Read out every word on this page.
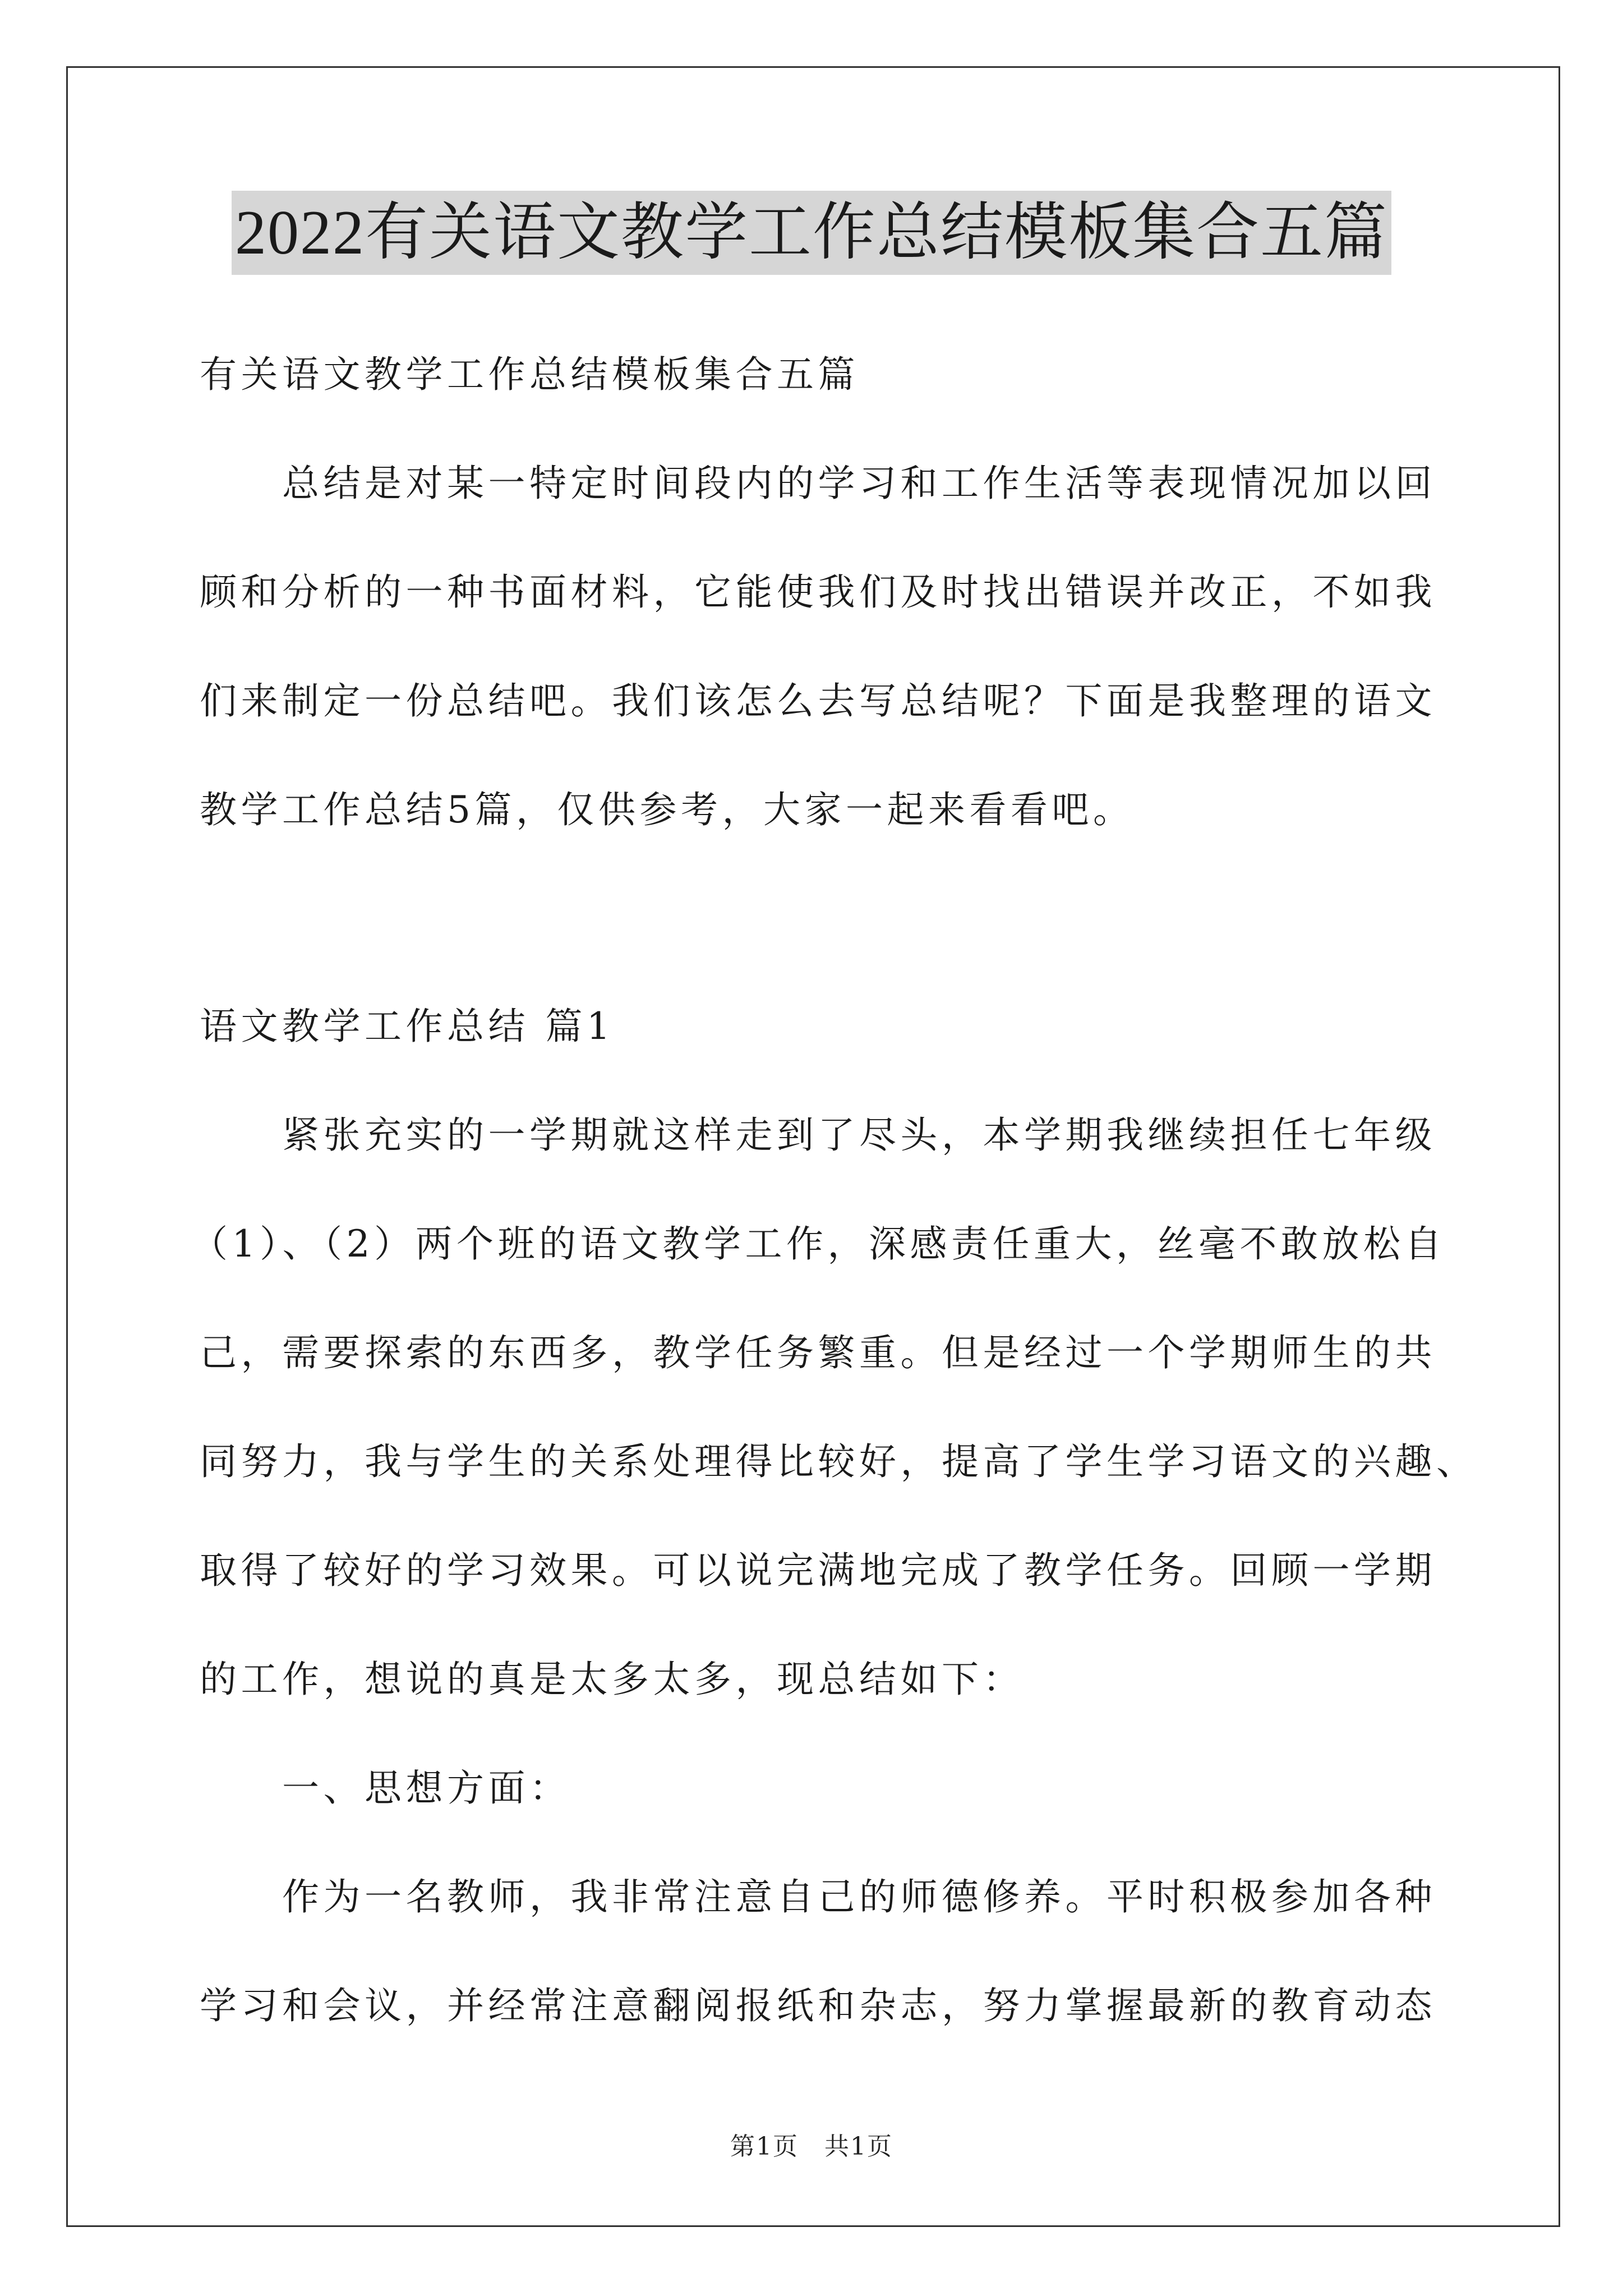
2022有关语文教学工作总结模板集合五篇
有关语文教学工作总结模板集合五篇
　　总结是对某一特定时间段内的学习和工作生活等表现情况加以回
顾和分析的一种书面材料，它能使我们及时找出错误并改正，不如我
们来制定一份总结吧。我们该怎么去写总结呢？下面是我整理的语文
教学工作总结5篇，仅供参考，大家一起来看看吧。
语文教学工作总结 篇1
　　紧张充实的一学期就这样走到了尽头，本学期我继续担任七年级
（1）、（2）两个班的语文教学工作，深感责任重大，丝毫不敢放松自
己，需要探索的东西多，教学任务繁重。但是经过一个学期师生的共
同努力，我与学生的关系处理得比较好，提高了学生学习语文的兴趣、
取得了较好的学习效果。可以说完满地完成了教学任务。回顾一学期
的工作，想说的真是太多太多，现总结如下：
　　一、思想方面：
　　作为一名教师，我非常注意自己的师德修养。平时积极参加各种
学习和会议，并经常注意翻阅报纸和杂志，努力掌握最新的教育动态
第1页　共1页
